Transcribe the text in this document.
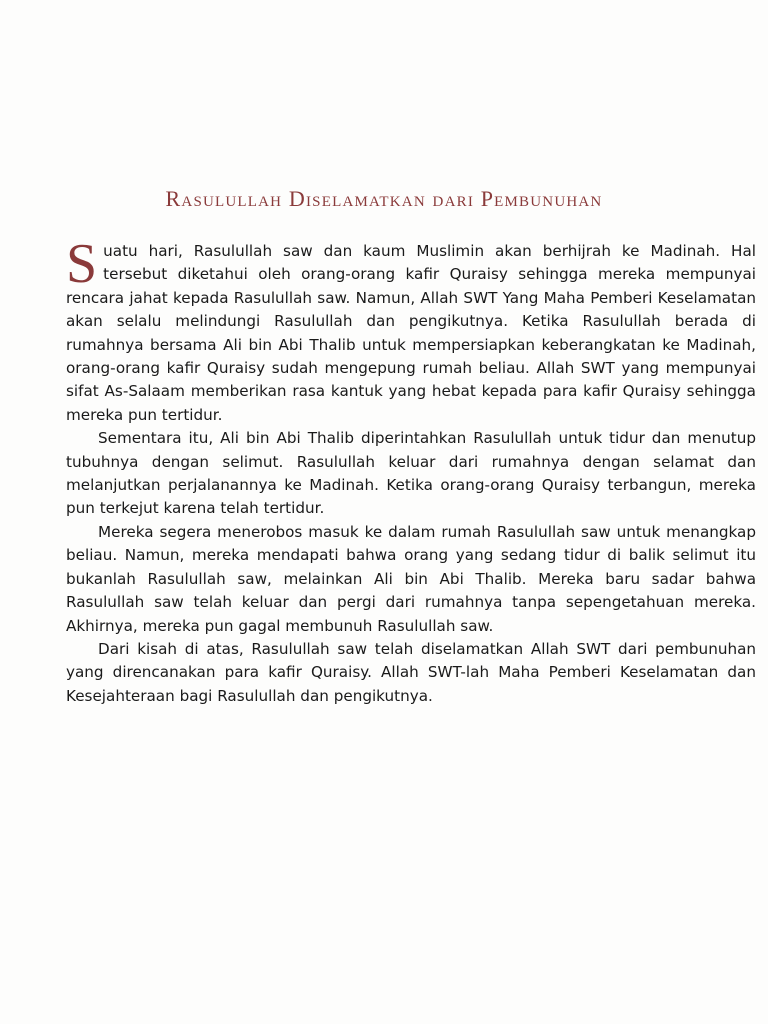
Rasulullah Diselamatkan dari Pembunuhan

Suatu hari, Rasulullah saw dan kaum Muslimin akan berhijrah ke Madinah. Hal tersebut diketahui oleh orang-orang kafir Quraisy sehingga mereka mempunyai rencara jahat kepada Rasulullah saw. Namun, Allah SWT Yang Maha Pemberi Keselamatan akan selalu melindungi Rasulullah dan pengikutnya. Ketika Rasulullah berada di rumahnya bersama Ali bin Abi Thalib untuk mempersiapkan keberangkatan ke Madinah, orang-orang kafir Quraisy sudah mengepung rumah beliau. Allah SWT yang mempunyai sifat As-Salaam memberikan rasa kantuk yang hebat kepada para kafir Quraisy sehingga mereka pun tertidur.

Sementara itu, Ali bin Abi Thalib diperintahkan Rasulullah untuk tidur dan menutup tubuhnya dengan selimut. Rasulullah keluar dari rumahnya dengan selamat dan melanjutkan perjalanannya ke Madinah. Ketika orang-orang Quraisy terbangun, mereka pun terkejut karena telah tertidur.

Mereka segera menerobos masuk ke dalam rumah Rasulullah saw untuk menangkap beliau. Namun, mereka mendapati bahwa orang yang sedang tidur di balik selimut itu bukanlah Rasulullah saw, melainkan Ali bin Abi Thalib. Mereka baru sadar bahwa Rasulullah saw telah keluar dan pergi dari rumahnya tanpa sepengetahuan mereka. Akhirnya, mereka pun gagal membunuh Rasulullah saw.

Dari kisah di atas, Rasulullah saw telah diselamatkan Allah SWT dari pembunuhan yang direncanakan para kafir Quraisy. Allah SWT-lah Maha Pemberi Keselamatan dan Kesejahteraan bagi Rasulullah dan pengikutnya.
